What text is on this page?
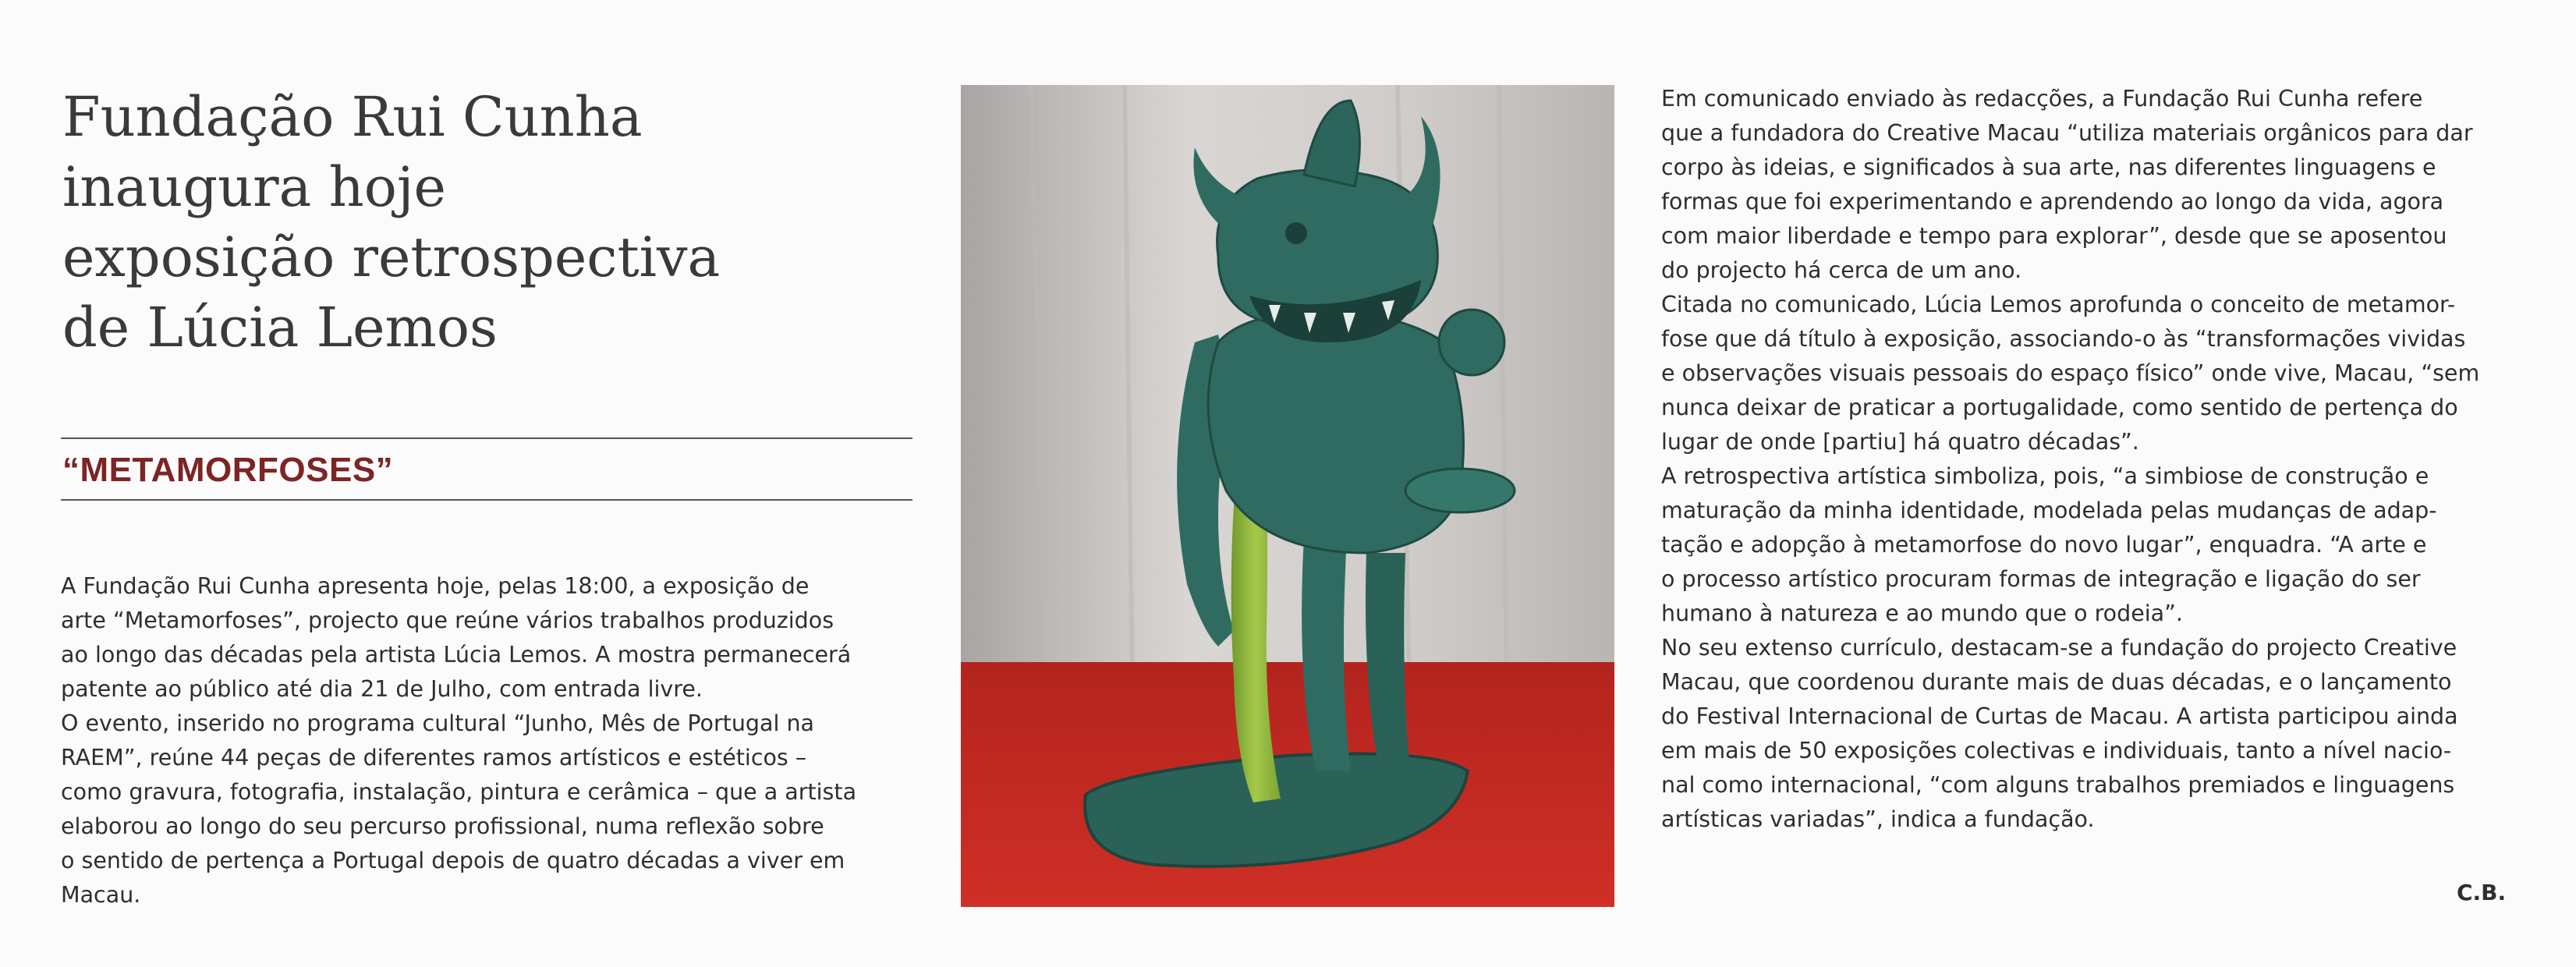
Fundação Rui Cunha
inaugura hoje
exposição retrospectiva
de Lúcia Lemos
“METAMORFOSES”

A Fundação Rui Cunha apresenta hoje, pelas 18:00, a exposição de
arte “Metamorfoses”, projecto que reúne vários trabalhos produzidos
ao longo das décadas pela artista Lúcia Lemos. A mostra permanecerá
patente ao público até dia 21 de Julho, com entrada livre.
O evento, inserido no programa cultural “Junho, Mês de Portugal na
RAEM”, reúne 44 peças de diferentes ramos artísticos e estéticos –
como gravura, fotografia, instalação, pintura e cerâmica – que a artista
elaborou ao longo do seu percurso profissional, numa reflexão sobre
o sentido de pertença a Portugal depois de quatro décadas a viver em
Macau.

Em comunicado enviado às redacções, a Fundação Rui Cunha refere
que a fundadora do Creative Macau “utiliza materiais orgânicos para dar
corpo às ideias, e significados à sua arte, nas diferentes linguagens e
formas que foi experimentando e aprendendo ao longo da vida, agora
com maior liberdade e tempo para explorar”, desde que se aposentou
do projecto há cerca de um ano.
Citada no comunicado, Lúcia Lemos aprofunda o conceito de metamor-
fose que dá título à exposição, associando-o às “transformações vividas
e observações visuais pessoais do espaço físico” onde vive, Macau, “sem
nunca deixar de praticar a portugalidade, como sentido de pertença do
lugar de onde [partiu] há quatro décadas”.
A retrospectiva artística simboliza, pois, “a simbiose de construção e
maturação da minha identidade, modelada pelas mudanças de adap-
tação e adopção à metamorfose do novo lugar”, enquadra. “A arte e
o processo artístico procuram formas de integração e ligação do ser
humano à natureza e ao mundo que o rodeia”.
No seu extenso currículo, destacam-se a fundação do projecto Creative
Macau, que coordenou durante mais de duas décadas, e o lançamento
do Festival Internacional de Curtas de Macau. A artista participou ainda
em mais de 50 exposições colectivas e individuais, tanto a nível nacio-
nal como internacional, “com alguns trabalhos premiados e linguagens
artísticas variadas”, indica a fundação.

C.B.
